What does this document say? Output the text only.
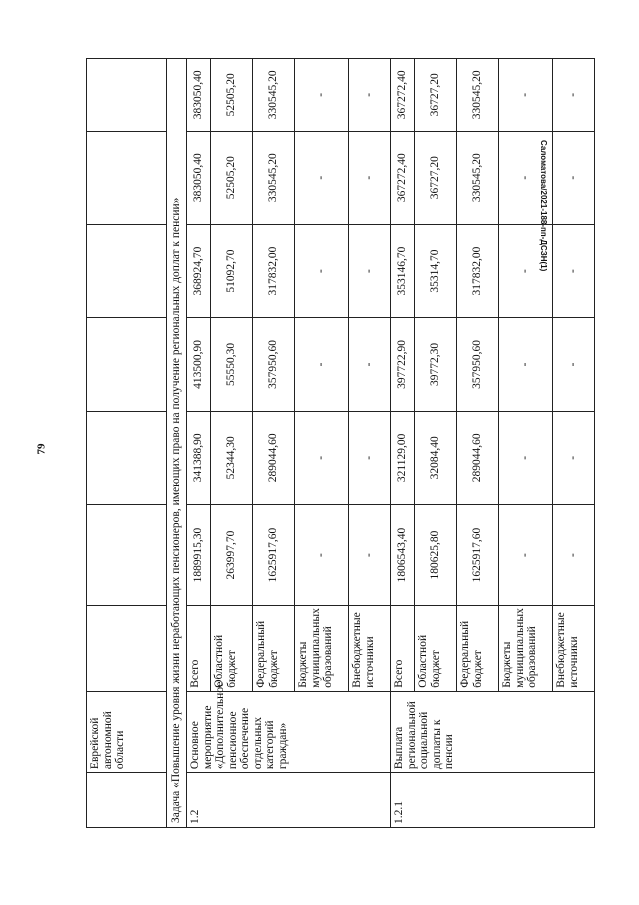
79
Саломатова/2021-188-пп-ДСЗН(1)
	Еврейской автономной области							
Задача «Повышение уровня жизни неработающих пенсионеров, имеющих право на получение региональных доплат к пенсии»								
1.2	Основное мероприятие «Дополнительное пенсионное обеспечение отдельных категорий граждан»	Всего	1889915,30	341388,90	413500,90	368924,70	383050,40	383050,40
		Областной бюджет	263997,70	52344,30	55550,30	51092,70	52505,20	52505,20
		Федеральный бюджет	1625917,60	289044,60	357950,60	317832,00	330545,20	330545,20
		Бюджеты муниципальных образований	-	-	-	-	-	-
		Внебюджетные источники	-	-	-	-	-	-
1.2.1	Выплата региональной социальной доплаты к пенсии	Всего	1806543,40	321129,00	397722,90	353146,70	367272,40	367272,40
		Областной бюджет	180625,80	32084,40	39772,30	35314,70	36727,20	36727,20
		Федеральный бюджет	1625917,60	289044,60	357950,60	317832,00	330545,20	330545,20
		Бюджеты муниципальных образований	-	-	-	-	-	-
		Внебюджетные источники	-	-	-	-	-	-
